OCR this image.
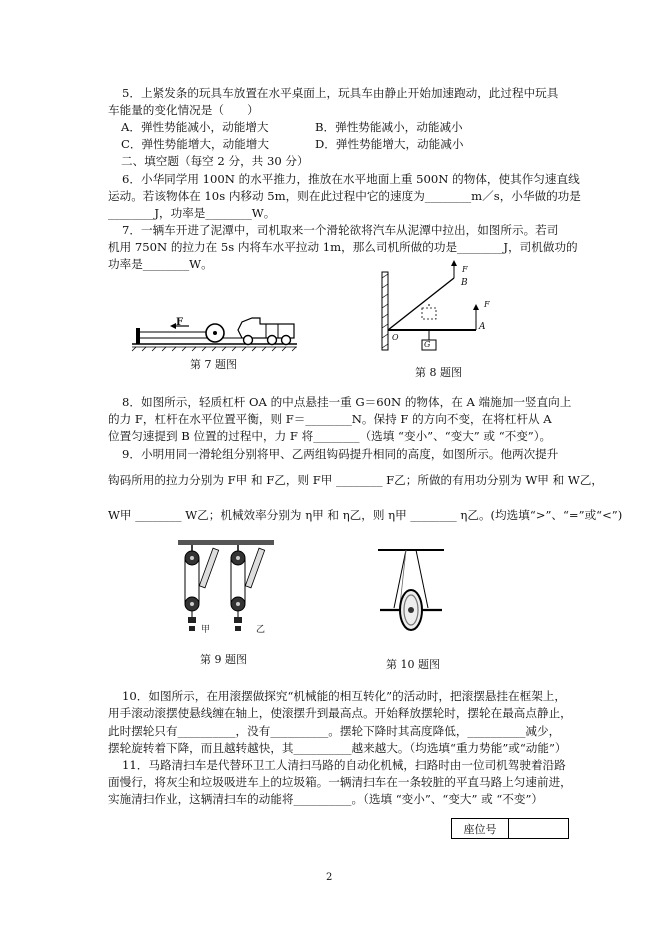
5．上紧发条的玩具车放置在水平桌面上，玩具车由静止开始加速跑动，此过程中玩具
车能量的变化情况是（　　）
A．弹性势能减小，动能增大	B．弹性势能减小，动能减小
C．弹性势能增大，动能增大	D．弹性势能增大，动能减小
二、填空题（每空 2 分，共 30 分）
6．小华同学用 100N 的水平推力，推放在水平地面上重 500N 的物体，使其作匀速直线
运动。若该物体在 10s 内移动 5m，则在此过程中它的速度为________m／s，小华做的功是
________J，功率是________W。
7．一辆车开进了泥潭中，司机取来一个滑轮欲将汽车从泥潭中拉出，如图所示。若司
机用 750N 的拉力在 5s 内将车水平拉动 1m，那么司机所做的功是________J，司机做功的
功率是________W。
F
第 7 题图
F
B
F
A
O
G
第 8 题图
8．如图所示，轻质杠杆 OA 的中点悬挂一重 G＝60N 的物体，在 A 端施加一竖直向上
的力 F，杠杆在水平位置平衡，则 F＝________N。保持 F 的方向不变，在将杠杆从 A
位置匀速提到 B 位置的过程中，力 F 将________（选填 “变小”、“变大” 或 “不变”）。
9．小明用同一滑轮组分别将甲、乙两组钩码提升相同的高度，如图所示。他两次提升
钩码所用的拉力分别为 F甲 和 F乙，则 F甲 ________ F乙；所做的有用功分别为 W甲 和 W乙，
W甲 ________ W乙；机械效率分别为 η甲 和 η乙，则 η甲 ________ η乙。(均选填“>”、“=”或“<”)
甲	乙
第 9 题图	第 10 题图
10．如图所示，在用滚摆做探究“机械能的相互转化”的活动时，把滚摆悬挂在框架上，
用手滚动滚摆使悬线缠在轴上，使滚摆升到最高点。开始释放摆轮时，摆轮在最高点静止，
此时摆轮只有__________，没有__________。摆轮下降时其高度降低，__________减少，
摆轮旋转着下降，而且越转越快，其__________越来越大。（均选填“重力势能”或“动能”）
11．马路清扫车是代替环卫工人清扫马路的自动化机械，扫路时由一位司机驾驶着沿路
面慢行，将灰尘和垃圾吸进车上的垃圾箱。一辆清扫车在一条较脏的平直马路上匀速前进，
实施清扫作业，这辆清扫车的动能将__________。（选填 “变小”、“变大” 或 “不变”）
座位号
2
